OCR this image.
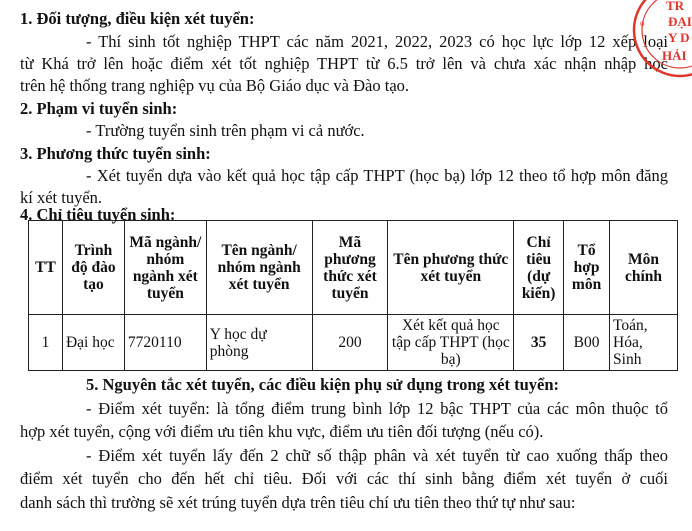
1. Đối tượng, điều kiện xét tuyển:
- Thí sinh tốt nghiệp THPT các năm 2021, 2022, 2023 có học lực lớp 12 xếp loại
từ Khá trở lên hoặc điểm xét tốt nghiệp THPT từ 6.5 trở lên và chưa xác nhận nhập học
trên hệ thống trang nghiệp vụ của Bộ Giáo dục và Đào tạo.
2. Phạm vi tuyển sinh:
- Trường tuyển sinh trên phạm vi cả nước.
3. Phương thức tuyển sinh:
- Xét tuyển dựa vào kết quả học tập cấp THPT (học bạ) lớp 12 theo tổ hợp môn đăng
kí xét tuyển.
4. Chỉ tiêu tuyển sinh:
TT	Trình độ đào tạo	Mã ngành/ nhóm ngành xét tuyển	Tên ngành/ nhóm ngành xét tuyển	Mã phương thức xét tuyển	Tên phương thức xét tuyển	Chỉ tiêu (dự kiến)	Tổ hợp môn	Môn chính
1	Đại học	7720110	Y học dự phòng	200	Xét kết quả học tập cấp THPT (học bạ)	35	B00	Toán, Hóa, Sinh
5. Nguyên tắc xét tuyển, các điều kiện phụ sử dụng trong xét tuyển:
- Điểm xét tuyển: là tổng điểm trung bình lớp 12 bậc THPT của các môn thuộc tổ
hợp xét tuyển, cộng với điểm ưu tiên khu vực, điểm ưu tiên đối tượng (nếu có).
- Điểm xét tuyển lấy đến 2 chữ số thập phân và xét tuyển từ cao xuống thấp theo
điểm xét tuyển cho đến hết chỉ tiêu. Đối với các thí sinh bằng điểm xét tuyển ở cuối
danh sách thì trường sẽ xét trúng tuyển dựa trên tiêu chí ưu tiên theo thứ tự như sau:
TR
o ĐẠI
Y D
HẢI
